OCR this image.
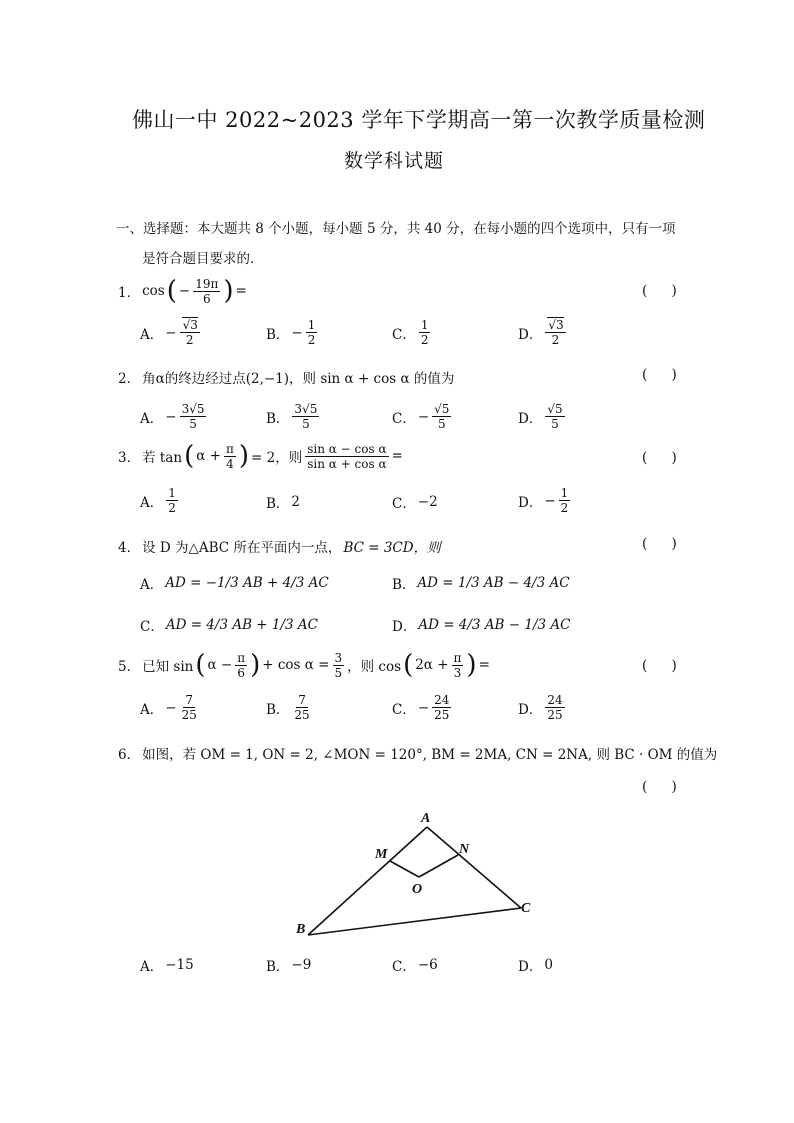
佛山一中 2022~2023 学年下学期高一第一次教学质量检测
数学科试题
一、选择题：本大题共 8 个小题，每小题 5 分，共 40 分，在每小题的四个选项中，只有一项
是符合题目要求的．
1． cos ( − $\frac{19\pi}{6}$ ) =	( )
A． − $\frac{√3}{2}$	B． − $\frac{1}{2}$	C． $\frac{1}{2}$	D． $\frac{√3}{2}$
2． 角α的终边经过点(2,−1)，则 sin α + cos α 的值为	( )
A． − $\frac{3√5}{5}$	B． $\frac{3√5}{5}$	C． − $\frac{√5}{5}$	D． $\frac{√5}{5}$
3． 若 tan ( $\alpha + \frac{\pi}{4}$ ) = 2，则 $\frac{\text{sin α − cos α}}{\text{sin α + cos α}}$ =	( )
A． $\frac{1}{2}$	B． 2	C． −2	D． − $\frac{1}{2}$
4． 设 D 为△ABC 所在平面内一点， BC = 3CD，则	( )
A． AD = −1/3 AB + 4/3 AC	B． AD = 1/3 AB − 4/3 AC
C． AD = 4/3 AB + 1/3 AC	D． AD = 4/3 AB − 1/3 AC
5． 已知 sin ( $\alpha - \frac{\pi}{6}$ ) + $\cos \alpha = \frac{3}{5}$ ，则 cos ( $2\alpha + \frac{\pi}{3}$ ) =	( )
A． − $\frac{7}{25}$	B． $\frac{7}{25}$	C． − $\frac{24}{25}$	D． $\frac{24}{25}$
6． 如图，若 OM = 1, ON = 2, ∠MON = 120°, BM = 2MA, CN = 2NA, 则 BC · OM 的值为
( )
A
M	N
O
B
C
A． −15	B． −9	C． −6	D． 0
